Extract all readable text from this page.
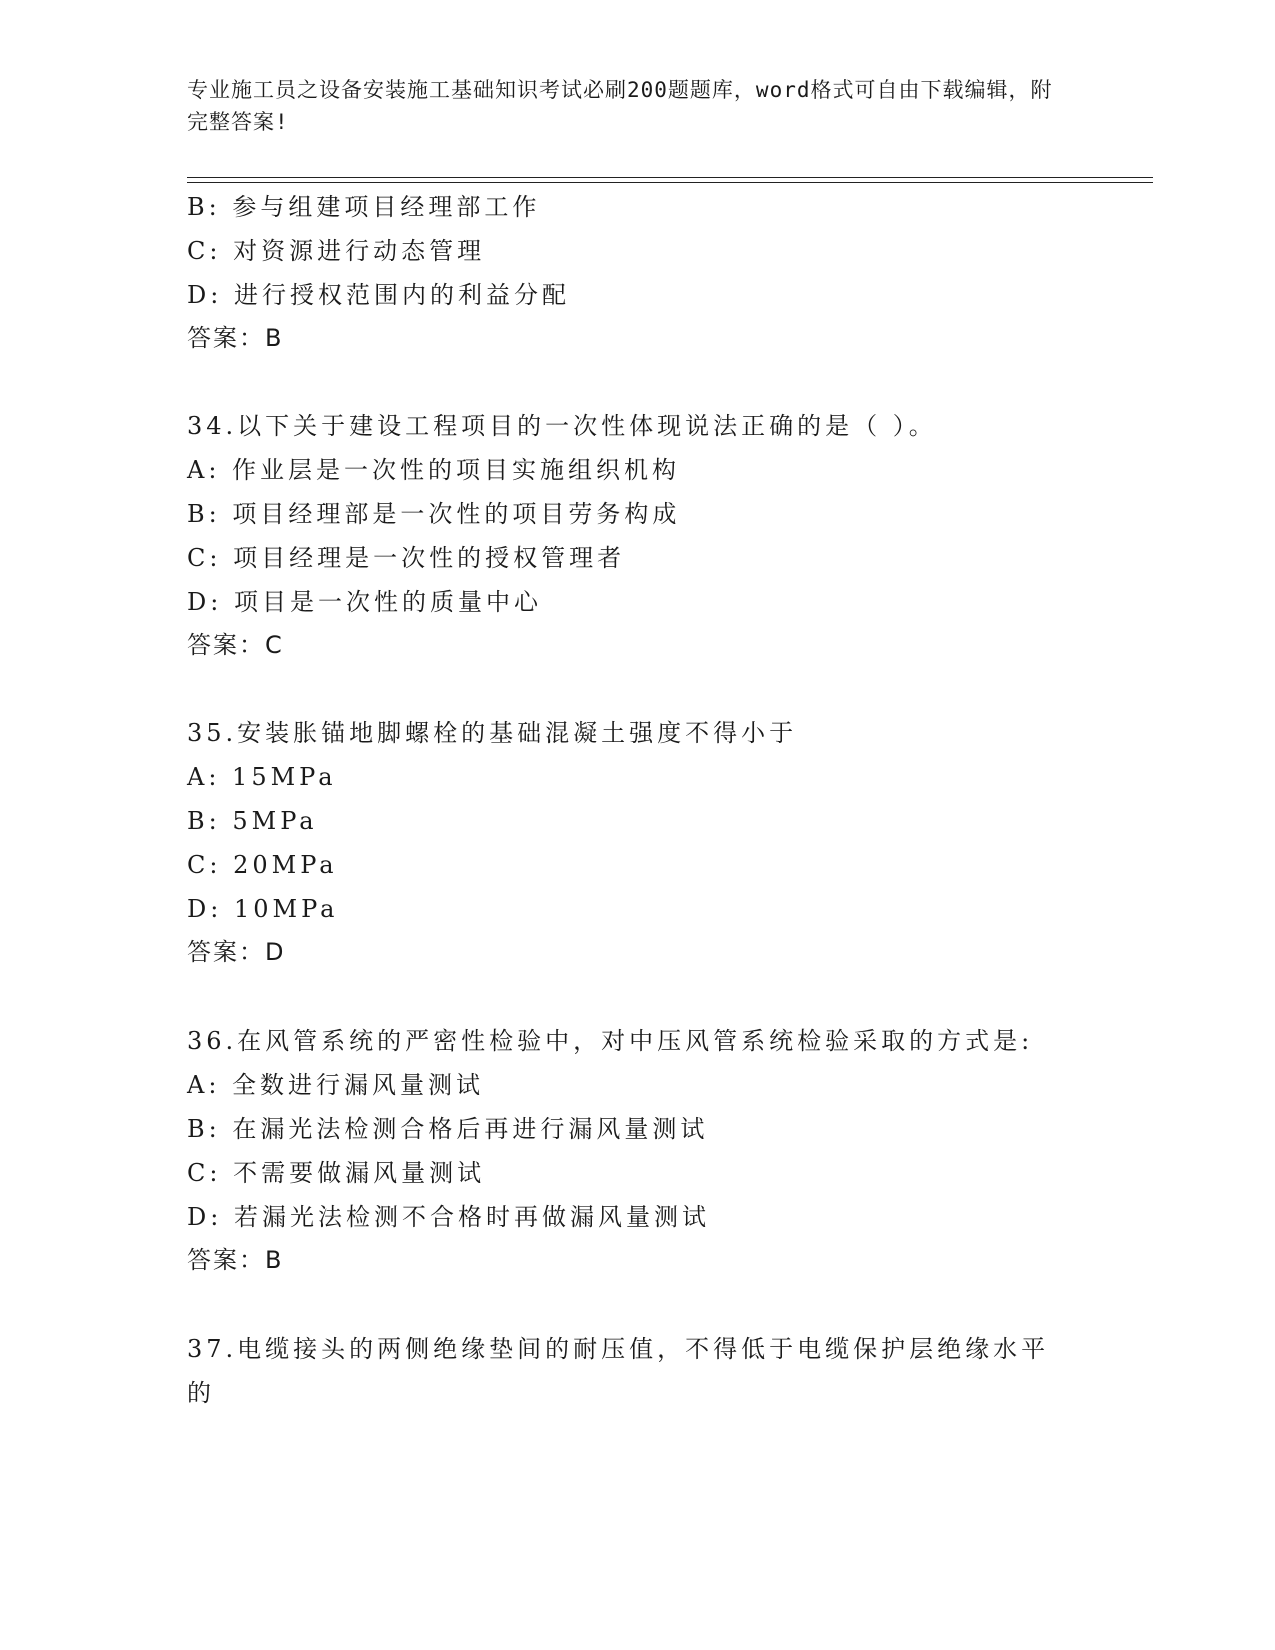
专业施工员之设备安装施工基础知识考试必刷200题题库，word格式可自由下载编辑，附完整答案!
B: 参与组建项目经理部工作
C: 对资源进行动态管理
D: 进行授权范围内的利益分配
答案：B
34.以下关于建设工程项目的一次性体现说法正确的是（ ）。
A: 作业层是一次性的项目实施组织机构
B: 项目经理部是一次性的项目劳务构成
C: 项目经理是一次性的授权管理者
D: 项目是一次性的质量中心
答案：C
35.安装胀锚地脚螺栓的基础混凝土强度不得小于
A: 15MPa
B: 5MPa
C: 20MPa
D: 10MPa
答案：D
36.在风管系统的严密性检验中，对中压风管系统检验采取的方式是:
A: 全数进行漏风量测试
B: 在漏光法检测合格后再进行漏风量测试
C: 不需要做漏风量测试
D: 若漏光法检测不合格时再做漏风量测试
答案：B
37.电缆接头的两侧绝缘垫间的耐压值，不得低于电缆保护层绝缘水平
的
